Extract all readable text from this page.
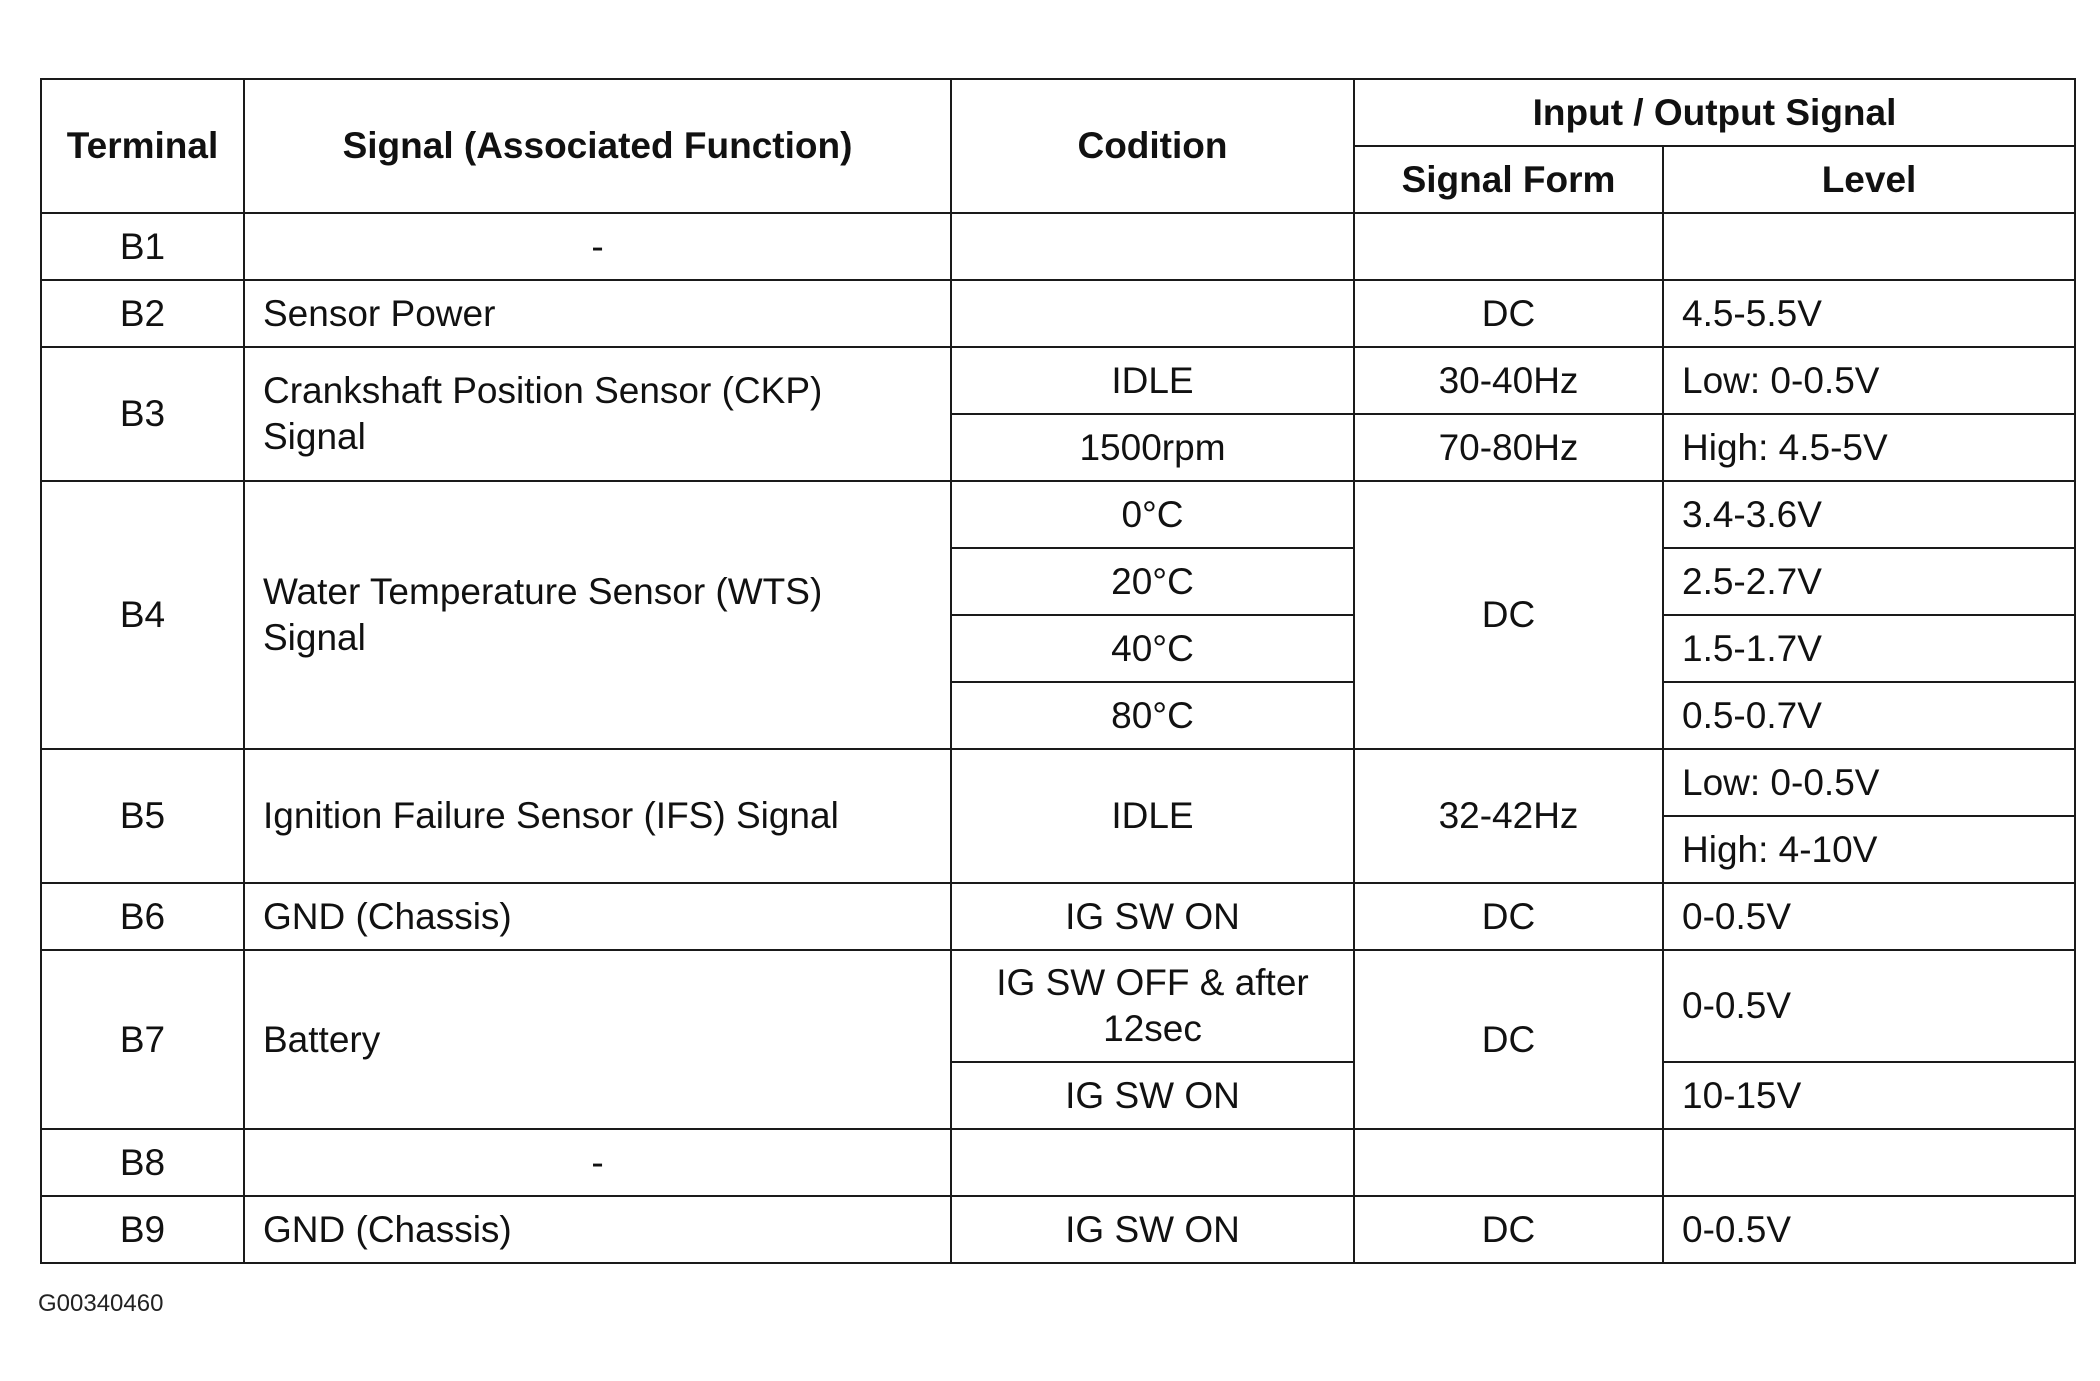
Terminal	Signal (Associated Function)	Codition	Input / Output Signal	
			Signal Form	Level
B1	-			
B2	Sensor Power		DC	4.5-5.5V
B3	Crankshaft Position Sensor (CKP) Signal	IDLE	30-40Hz	Low: 0-0.5V
		1500rpm	70-80Hz	High: 4.5-5V
B4	Water Temperature Sensor (WTS) Signal	0°C	DC	3.4-3.6V
		20°C		2.5-2.7V
		40°C		1.5-1.7V
		80°C		0.5-0.7V
B5	Ignition Failure Sensor (IFS) Signal	IDLE	32-42Hz	Low: 0-0.5V
				High: 4-10V
B6	GND (Chassis)	IG SW ON	DC	0-0.5V
B7	Battery	IG SW OFF & after 12sec	DC	0-0.5V
		IG SW ON		10-15V
B8	-			
B9	GND (Chassis)	IG SW ON	DC	0-0.5V
G00340460
